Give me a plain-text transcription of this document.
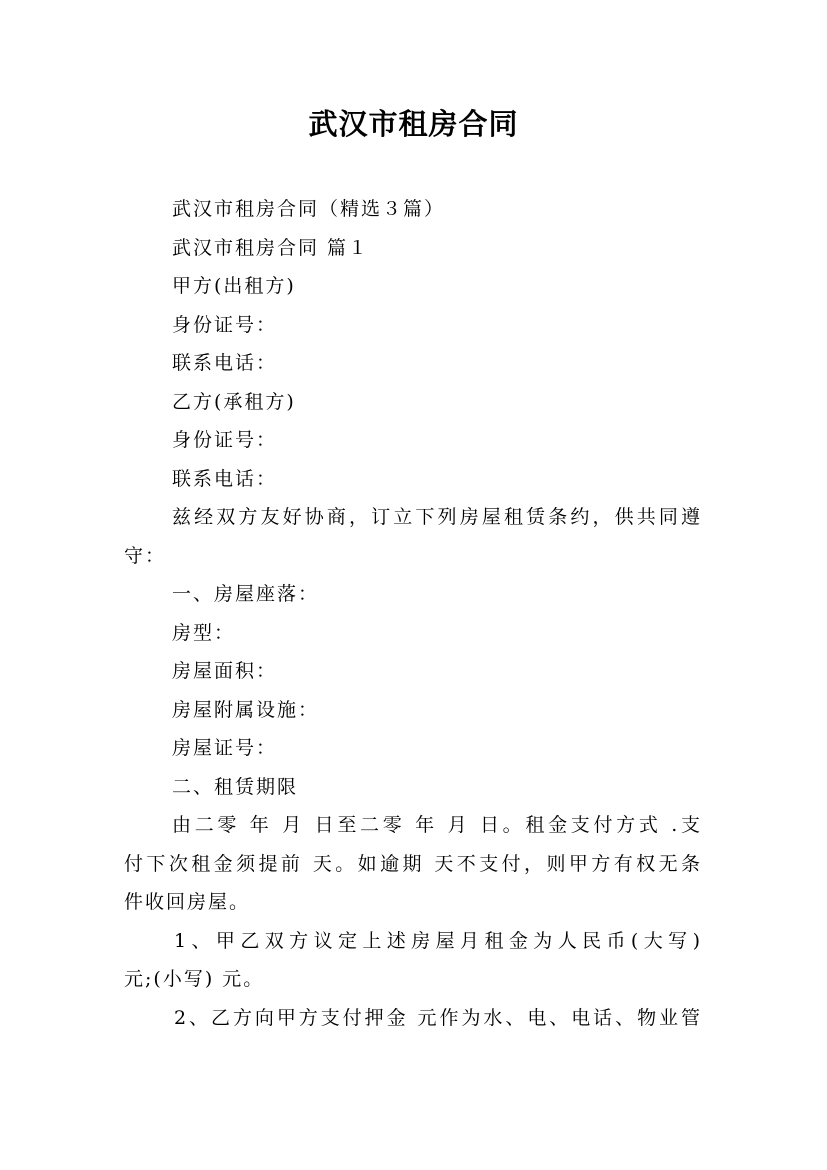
武汉市租房合同
武汉市租房合同（精选３篇）
武汉市租房合同 篇１
甲方(出租方)
身份证号：
联系电话：
乙方(承租方)
身份证号：
联系电话：
兹经双方友好协商，订立下列房屋租赁条约，供共同遵
守：
一、房屋座落：
房型：
房屋面积：
房屋附属设施：
房屋证号：
二、租赁期限
由二零 年 月 日至二零 年 月 日。租金支付方式 .支
付下次租金须提前 天。如逾期 天不支付，则甲方有权无条
件收回房屋。
1、甲乙双方议定上述房屋月租金为人民币(大写)
元;(小写) 元。
2、乙方向甲方支付押金 元作为水、电、电话、物业管
